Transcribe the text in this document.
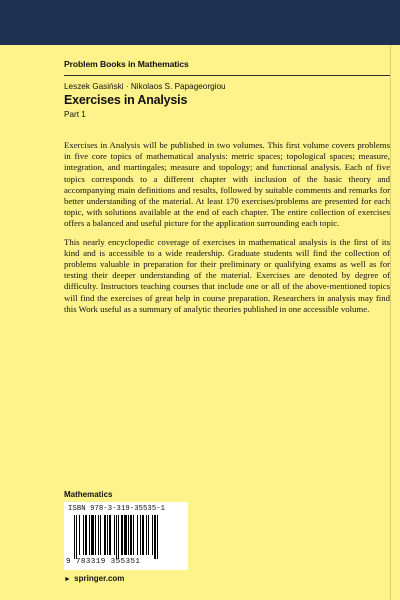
Problem Books in Mathematics
Leszek Gasiński · Nikolaos S. Papageorgiou
Exercises in Analysis
Part 1

Exercises in Analysis will be published in two volumes. This first volume covers problems in five core topics of mathematical analysis: metric spaces; topological spaces; measure, integration, and martingales; measure and topology; and functional analysis. Each of five topics corresponds to a different chapter with inclusion of the basic theory and accompanying main definitions and results, followed by suitable comments and remarks for better understanding of the material. At least 170 exercises/problems are presented for each topic, with solutions available at the end of each chapter. The entire collection of exercises offers a balanced and useful picture for the application surrounding each topic.

This nearly encyclopedic coverage of exercises in mathematical analysis is the first of its kind and is accessible to a wide readership. Graduate students will find the collection of problems valuable in preparation for their preliminary or qualifying exams as well as for testing their deeper understanding of the material. Exercises are denoted by degree of difficulty. Instructors teaching courses that include one or all of the above-mentioned topics will find the exercises of great help in course preparation. Researchers in analysis may find this Work useful as a summary of analytic theories published in one accessible volume.

Mathematics
ISBN 978-3-319-35535-1
9 783319 355351
► springer.com
